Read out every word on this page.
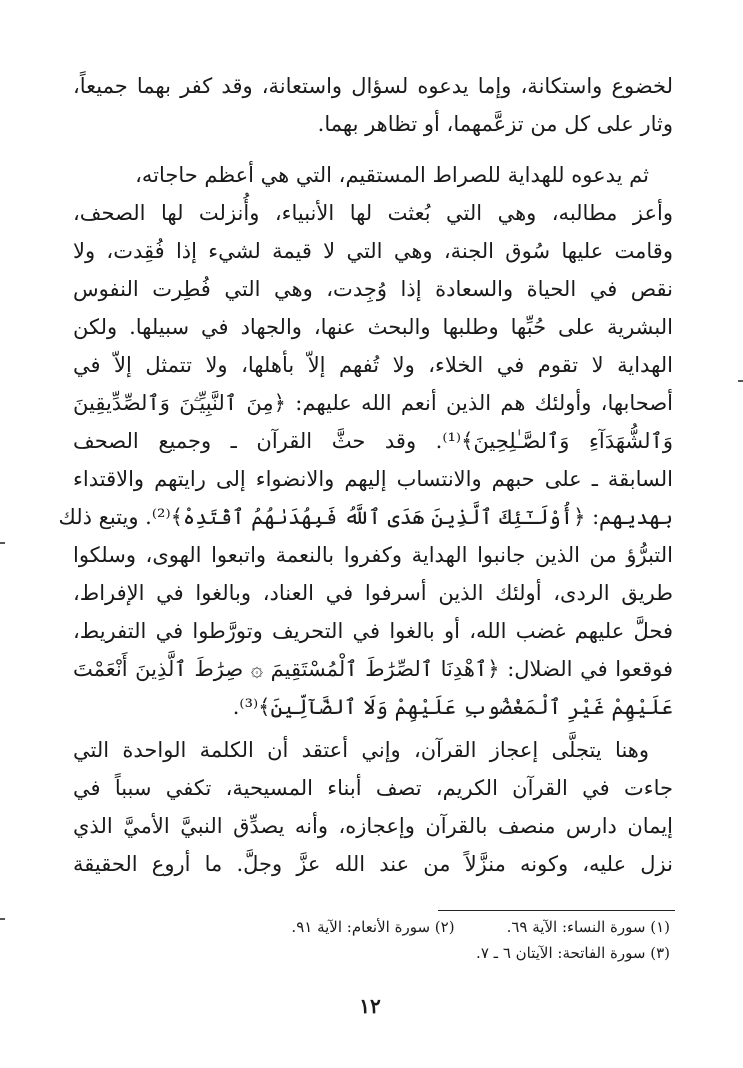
لخضوع واستكانة، وإما يدعوه لسؤال واستعانة، وقد كفر بهما جميعاً،
وثار على كل من تزعَّمهما، أو تظاهر بهما.
ثم يدعوه للهداية للصراط المستقيم، التي هي أعظم حاجاته،
وأعز مطالبه، وهي التي بُعثت لها الأنبياء، وأُنزلت لها الصحف،
وقامت عليها سُوق الجنة، وهي التي لا قيمة لشيء إذا فُقِدت، ولا
نقص في الحياة والسعادة إذا وُجِدت، وهي التي فُطِرت النفوس
البشرية على حُبِّها وطلبها والبحث عنها، والجهاد في سبيلها. ولكن
الهداية لا تقوم في الخلاء، ولا تُفهم إلاّ بأهلها، ولا تتمثل إلاّ في
أصحابها، وأولئك هم الذين أنعم الله عليهم: ﴿مِنَ ٱلنَّبِيِّـۧنَ وَٱلصِّدِّيقِينَ
وَٱلشُّهَدَآءِ وَٱلصَّـٰلِحِينَ﴾⁽¹⁾. وقد حثَّ القرآن ـ وجميع الصحف
السابقة ـ على حبهم والانتساب إليهم والانضواء إلى رايتهم والاقتداء
بهديهم: ﴿أُوْلَـٰٓئِكَ ٱلَّذِينَ هَدَى ٱللَّهُ فَبِهُدَىٰهُمُ ٱقْتَدِهْ﴾⁽²⁾. ويتبع ذلك
التبرُّؤ من الذين جانبوا الهداية وكفروا بالنعمة واتبعوا الهوى، وسلكوا
طريق الردى، أولئك الذين أسرفوا في العناد، وبالغوا في الإفراط،
فحلَّ عليهم غضب الله، أو بالغوا في التحريف وتورَّطوا في التفريط،
فوقعوا في الضلال: ﴿ٱهْدِنَا ٱلصِّرَٰطَ ٱلْمُسْتَقِيمَ ۞ صِرَٰطَ ٱلَّذِينَ أَنْعَمْتَ
عَلَيْهِمْ غَيْرِ ٱلْمَغْضُوبِ عَلَيْهِمْ وَلَا ٱلضَّآلِّينَ﴾⁽³⁾.
وهنا يتجلَّى إعجاز القرآن، وإني أعتقد أن الكلمة الواحدة التي
جاءت في القرآن الكريم، تصف أبناء المسيحية، تكفي سبباً في
إيمان دارس منصف بالقرآن وإعجازه، وأنه يصدِّق النبيَّ الأميَّ الذي
نزل عليه، وكونه منزَّلاً من عند الله عزَّ وجلَّ. ما أروع الحقيقة
(١) سورة النساء: الآية ٦٩.
(٢) سورة الأنعام: الآية ٩١.
(٣) سورة الفاتحة: الآيتان ٦ ـ ٧.
١٢
